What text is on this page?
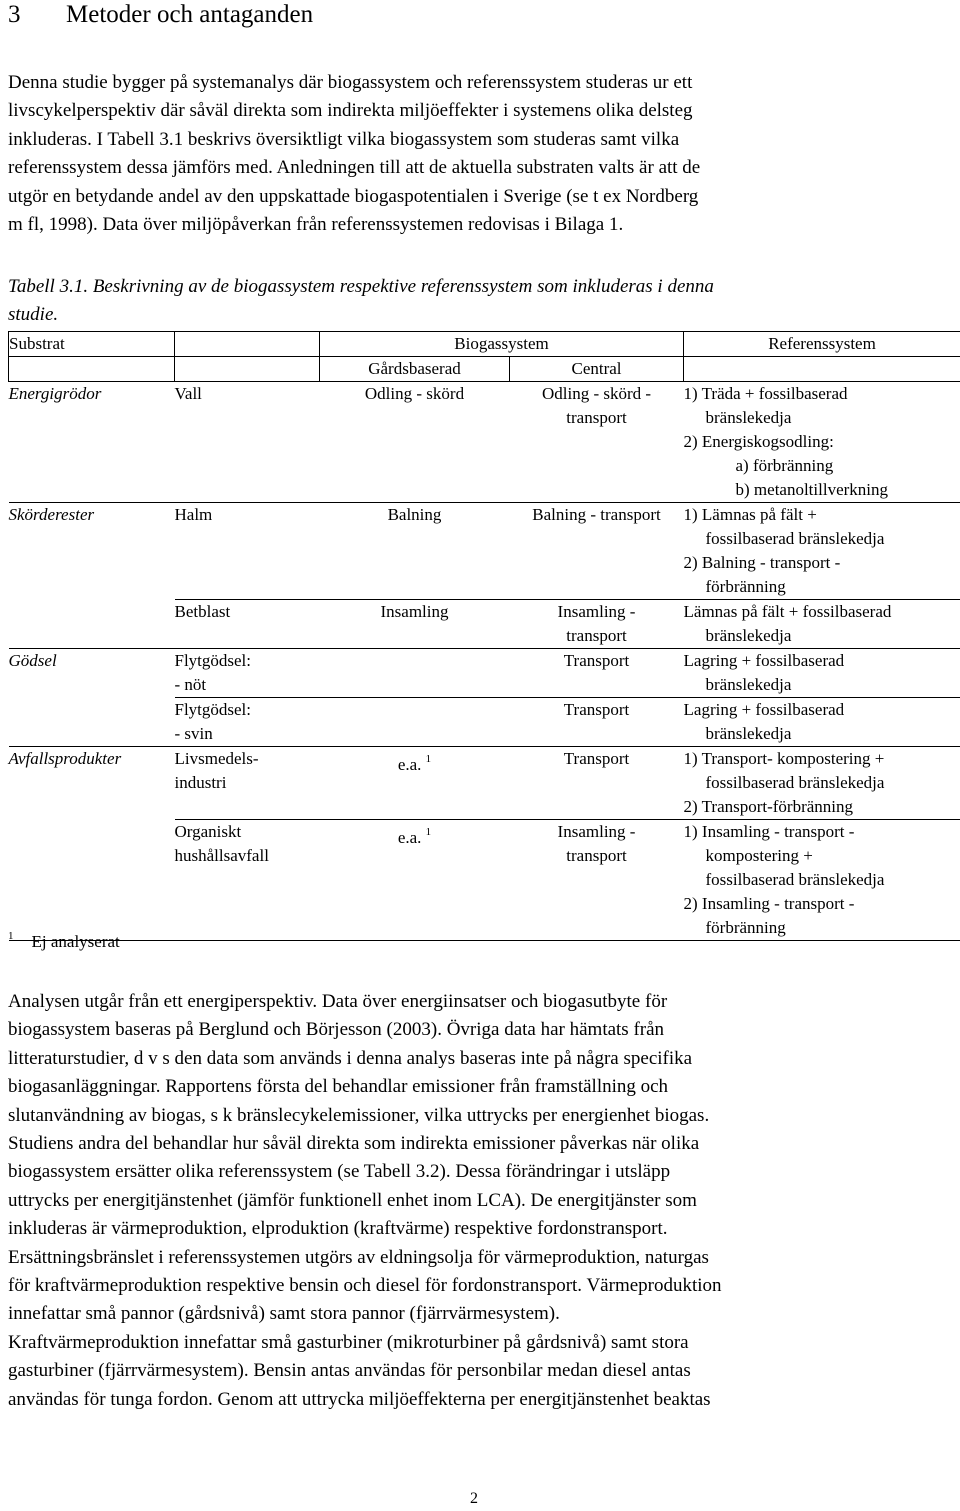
3 Metoder och antaganden

Denna studie bygger på systemanalys där biogassystem och referenssystem studeras ur ett
livscykelperspektiv där såväl direkta som indirekta miljöeffekter i systemens olika delsteg
inkluderas. I Tabell 3.1 beskrivs översiktligt vilka biogassystem som studeras samt vilka
referenssystem dessa jämförs med. Anledningen till att de aktuella substraten valts är att de
utgör en betydande andel av den uppskattade biogaspotentialen i Sverige (se t ex Nordberg
m fl, 1998). Data över miljöpåverkan från referenssystemen redovisas i Bilaga 1.

Tabell 3.1. Beskrivning av de biogassystem respektive referenssystem som inkluderas i denna
studie.

Substrat		Biogassystem		Referenssystem
		Gårdsbaserad	Central	
Energigrödor	Vall	Odling - skörd	Odling - skörd -
transport	1) Träda + fossilbaserad
bränslekedja
2) Energiskogsodling:
a) förbränning
b) metanoltillverkning
Skörderester	Halm	Balning	Balning - transport	1) Lämnas på fält +
fossilbaserad bränslekedja
2) Balning - transport -
förbränning
	Betblast	Insamling	Insamling -
transport	Lämnas på fält + fossilbaserad
bränslekedja
Gödsel	Flytgödsel:
- nöt		Transport	Lagring + fossilbaserad
bränslekedja
	Flytgödsel:
- svin		Transport	Lagring + fossilbaserad
bränslekedja
Avfallsprodukter	Livsmedels-
industri	e.a. $^1$	Transport	1) Transport- kompostering +
fossilbaserad bränslekedja
2) Transport-förbränning
	Organiskt
hushållsavfall	e.a. $^1$	Insamling -
transport	1) Insamling - transport -
kompostering +
fossilbaserad bränslekedja
2) Insamling - transport -
förbränning
$^1$ Ej analyserat

Analysen utgår från ett energiperspektiv. Data över energiinsatser och biogasutbyte för
biogassystem baseras på Berglund och Börjesson (2003). Övriga data har hämtats från
litteraturstudier, d v s den data som används i denna analys baseras inte på några specifika
biogasanläggningar. Rapportens första del behandlar emissioner från framställning och
slutanvändning av biogas, s k bränslecykelemissioner, vilka uttrycks per energienhet biogas.
Studiens andra del behandlar hur såväl direkta som indirekta emissioner påverkas när olika
biogassystem ersätter olika referenssystem (se Tabell 3.2). Dessa förändringar i utsläpp
uttrycks per energitjänstenhet (jämför funktionell enhet inom LCA). De energitjänster som
inkluderas är värmeproduktion, elproduktion (kraftvärme) respektive fordonstransport.
Ersättningsbränslet i referenssystemen utgörs av eldningsolja för värmeproduktion, naturgas
för kraftvärmeproduktion respektive bensin och diesel för fordonstransport. Värmeproduktion
innefattar små pannor (gårdsnivå) samt stora pannor (fjärrvärmesystem).
Kraftvärmeproduktion innefattar små gasturbiner (mikroturbiner på gårdsnivå) samt stora
gasturbiner (fjärrvärmesystem). Bensin antas användas för personbilar medan diesel antas
användas för tunga fordon. Genom att uttrycka miljöeffekterna per energitjänstenhet beaktas

2
